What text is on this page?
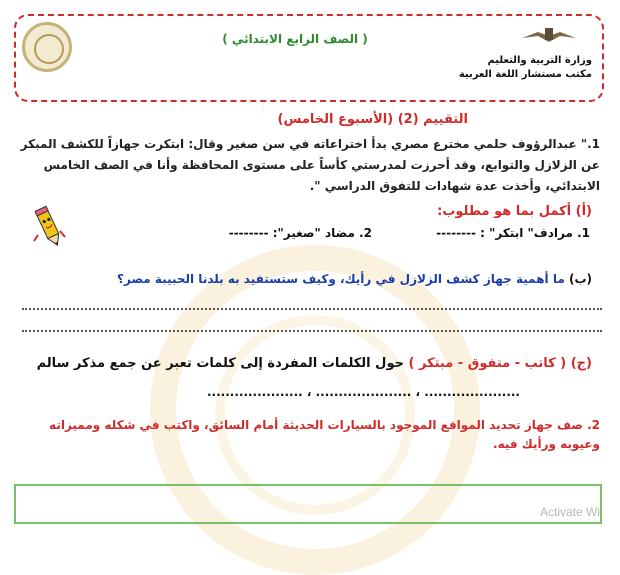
( الصف الرابع الابتدائي )
وزارة التربية والتعليم
مكتب مستشار اللغة العربية
التقييم (2) (الأسبوع الخامس)
1." عبدالرؤوف حلمي مخترع مصري بدأ اختراعاته في سن صغير وقال: ابتكرت جهازاً للكشف المبكر عن الزلازل والتوابع، وقد أحرزت لمدرستي كأساً على مستوى المحافظة وأنا في الصف الخامس الابتدائي، وأخذت عدة شهادات للتفوق الدراسي ".
(أ) أكمل بما هو مطلوب:
1. مرادف" ابتكر" : -------- 2. مضاد "صغير": --------
(ب) ما أهمية جهاز كشف الزلازل في رأيك، وكيف ستستفيد به بلدنا الحبيبة مصر؟
(ج) ( كاتب - متفوق - مبتكر ) حول الكلمات المفردة إلى كلمات تعبر عن جمع مذكر سالم
..................... ، ..................... ، .....................
2. صف جهاز تحديد المواقع الموجود بالسيارات الحديثة أمام السائق، واكتب في شكله ومميزاته وعيوبه ورأيك فيه.
Activate Wi
